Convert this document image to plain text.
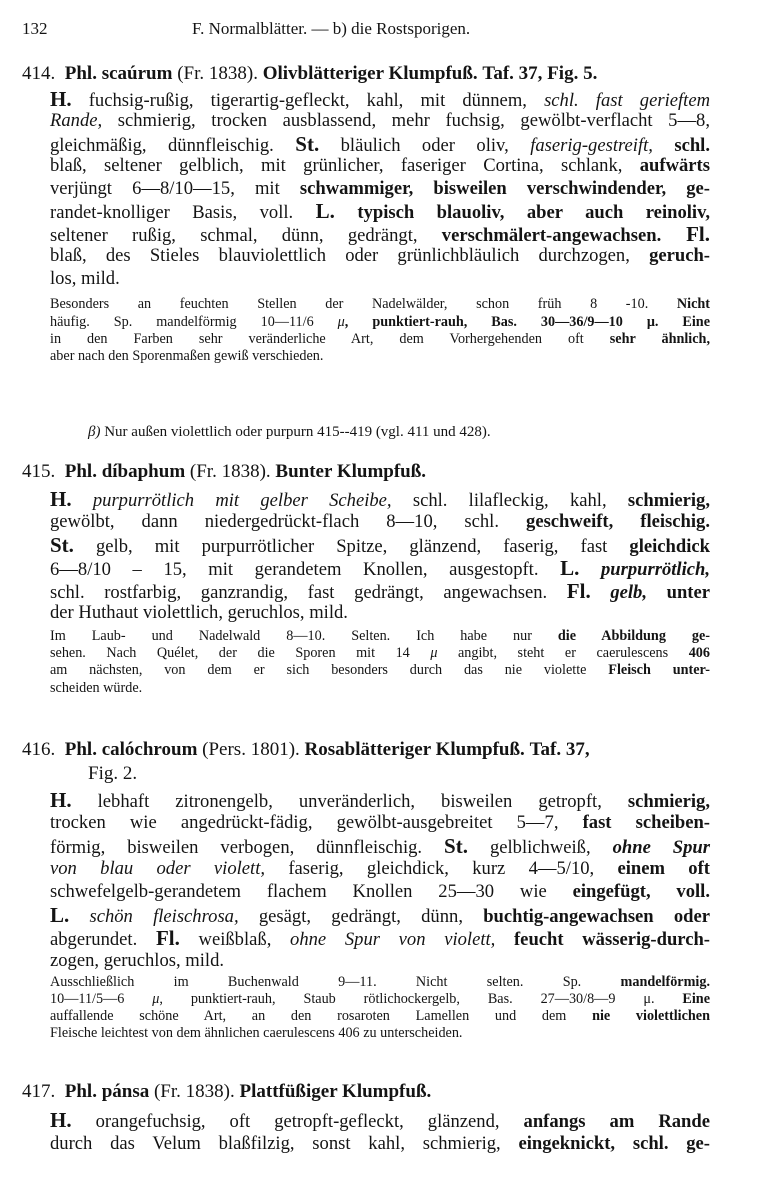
132	F. Normalblätter. — b) die Rostsporigen.
414. Phl. scaúrum (Fr. 1838). Olivblätteriger Klumpfuß. Taf. 37, Fig. 5.
H. fuchsig-rußig, tigerartig-gefleckt, kahl, mit dünnem, schl. fast gerieftem
Rande, schmierig, trocken ausblassend, mehr fuchsig, gewölbt-verflacht 5—8,
gleichmäßig, dünnfleischig. St. bläulich oder oliv, faserig-gestreift, schl.
blaß, seltener gelblich, mit grünlicher, faseriger Cortina, schlank, aufwärts
verjüngt 6—8/10—15, mit schwammiger, bisweilen verschwindender, ge-
randet-knolliger Basis, voll. L. typisch blauoliv, aber auch reinoliv,
seltener rußig, schmal, dünn, gedrängt, verschmälert-angewachsen. Fl.
blaß, des Stieles blauviolettlich oder grünlichbläulich durchzogen, geruch-
los, mild.
Besonders an feuchten Stellen der Nadelwälder, schon früh 8 -10. Nicht
häufig. Sp. mandelförmig 10—11/6 μ, punktiert-rauh, Bas. 30—36/9—10 μ. Eine
in den Farben sehr veränderliche Art, dem Vorhergehenden oft sehr ähnlich,
aber nach den Sporenmaßen gewiß verschieden.
β) Nur außen violettlich oder purpurn 415--419 (vgl. 411 und 428).
415. Phl. díbaphum (Fr. 1838). Bunter Klumpfuß.
H. purpurrötlich mit gelber Scheibe, schl. lilafleckig, kahl, schmierig,
gewölbt, dann niedergedrückt-flach 8—10, schl. geschweift, fleischig.
St. gelb, mit purpurrötlicher Spitze, glänzend, faserig, fast gleichdick
6—8/10 – 15, mit gerandetem Knollen, ausgestopft. L. purpurrötlich,
schl. rostfarbig, ganzrandig, fast gedrängt, angewachsen. Fl. gelb, unter
der Huthaut violettlich, geruchlos, mild.
Im Laub- und Nadelwald 8—10. Selten. Ich habe nur die Abbildung ge-
sehen. Nach Quélet, der die Sporen mit 14 μ angibt, steht er caerulescens 406
am nächsten, von dem er sich besonders durch das nie violette Fleisch unter-
scheiden würde.
416. Phl. calóchroum (Pers. 1801). Rosablätteriger Klumpfuß. Taf. 37,
Fig. 2.
H. lebhaft zitronengelb, unveränderlich, bisweilen getropft, schmierig,
trocken wie angedrückt-fädig, gewölbt-ausgebreitet 5—7, fast scheiben-
förmig, bisweilen verbogen, dünnfleischig. St. gelblichweiß, ohne Spur
von blau oder violett, faserig, gleichdick, kurz 4—5/10, einem oft
schwefelgelb-gerandetem flachem Knollen 25—30 wie eingefügt, voll.
L. schön fleischrosa, gesägt, gedrängt, dünn, buchtig-angewachsen oder
abgerundet. Fl. weißblaß, ohne Spur von violett, feucht wässerig-durch-
zogen, geruchlos, mild.
Ausschließlich im Buchenwald 9—11. Nicht selten. Sp. mandelförmig.
10—11/5—6 μ, punktiert-rauh, Staub rötlichockergelb, Bas. 27—30/8—9 μ. Eine
auffallende schöne Art, an den rosaroten Lamellen und dem nie violettlichen
Fleische leichtest von dem ähnlichen caerulescens 406 zu unterscheiden.
417. Phl. pánsa (Fr. 1838). Plattfüßiger Klumpfuß.
H. orangefuchsig, oft getropft-gefleckt, glänzend, anfangs am Rande
durch das Velum blaßfilzig, sonst kahl, schmierig, eingeknickt, schl. ge-
